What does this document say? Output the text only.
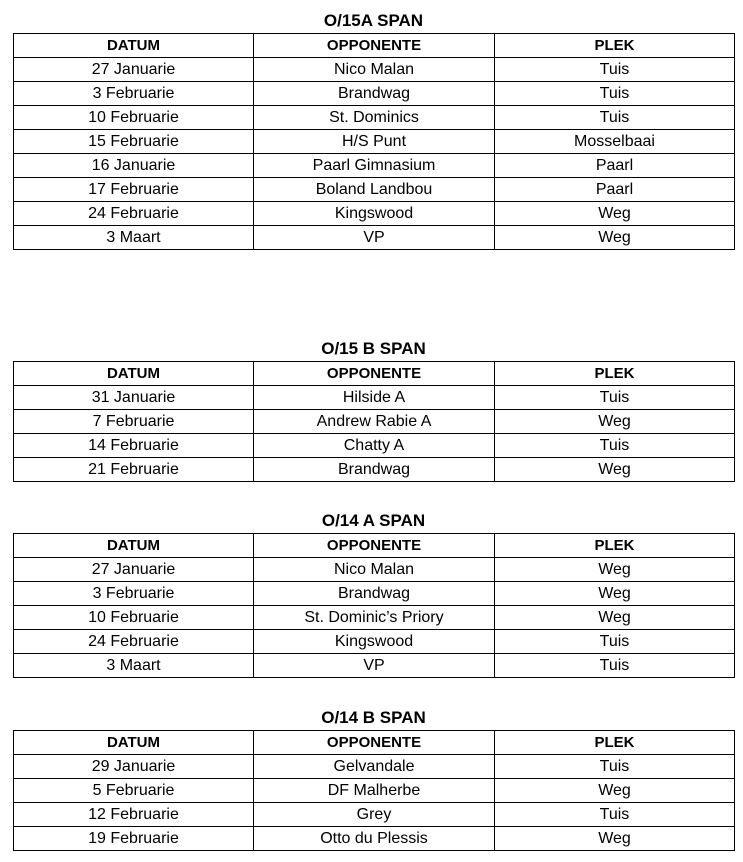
O/15A SPAN
DATUM	OPPONENTE	PLEK
27 Januarie	Nico Malan	Tuis
3 Februarie	Brandwag	Tuis
10 Februarie	St. Dominics	Tuis
15 Februarie	H/S Punt	Mosselbaai
16 Januarie	Paarl Gimnasium	Paarl
17 Februarie	Boland Landbou	Paarl
24 Februarie	Kingswood	Weg
3 Maart	VP	Weg
O/15 B SPAN
DATUM	OPPONENTE	PLEK
31 Januarie	Hilside A	Tuis
7 Februarie	Andrew Rabie A	Weg
14 Februarie	Chatty A	Tuis
21 Februarie	Brandwag	Weg
O/14 A SPAN
DATUM	OPPONENTE	PLEK
27 Januarie	Nico Malan	Weg
3 Februarie	Brandwag	Weg
10 Februarie	St. Dominic’s Priory	Weg
24 Februarie	Kingswood	Tuis
3 Maart	VP	Tuis
O/14 B SPAN
DATUM	OPPONENTE	PLEK
29 Januarie	Gelvandale	Tuis
5 Februarie	DF Malherbe	Weg
12 Februarie	Grey	Tuis
19 Februarie	Otto du Plessis	Weg
